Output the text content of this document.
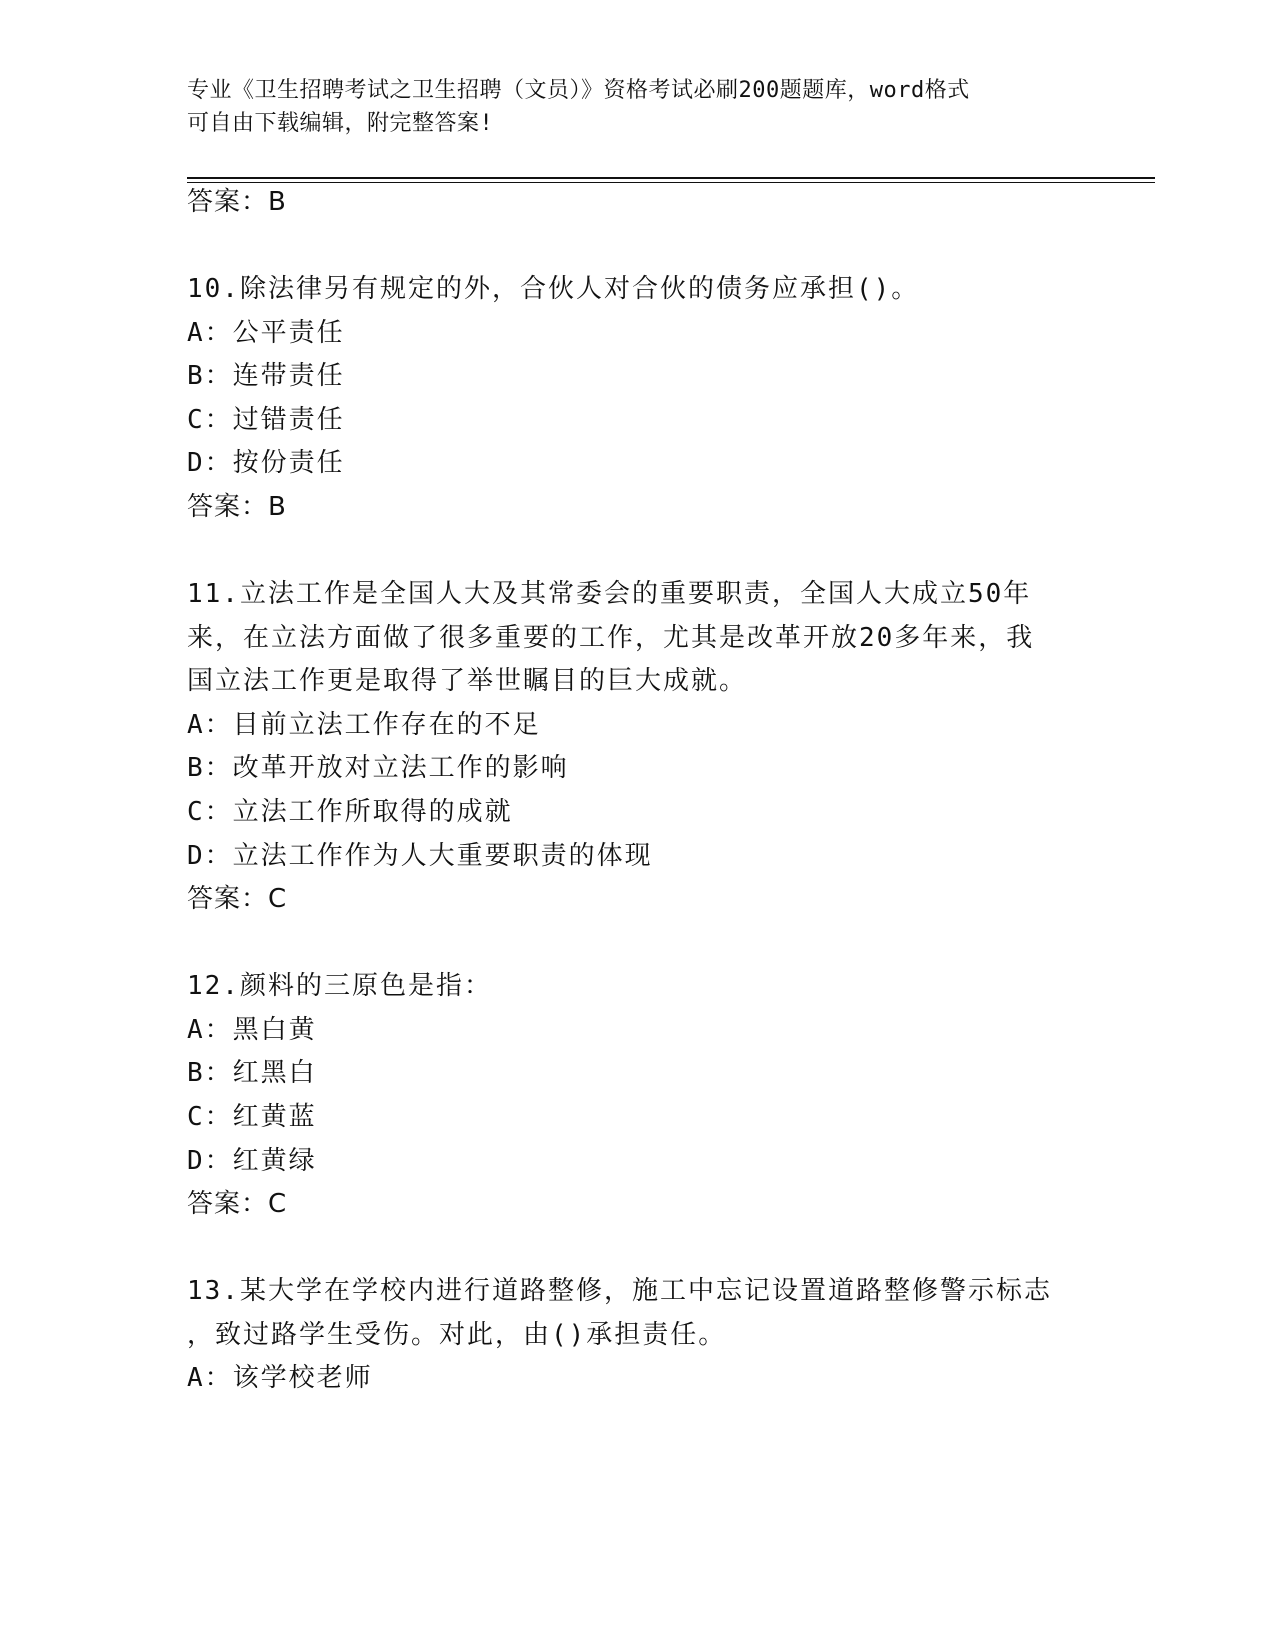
专业《卫生招聘考试之卫生招聘（文员）》资格考试必刷200题题库，word格式
可自由下载编辑，附完整答案!
答案：B
10.除法律另有规定的外，合伙人对合伙的债务应承担()。
A：公平责任
B：连带责任
C：过错责任
D：按份责任
答案：B
11.立法工作是全国人大及其常委会的重要职责，全国人大成立50年
来，在立法方面做了很多重要的工作，尤其是改革开放20多年来，我
国立法工作更是取得了举世瞩目的巨大成就。
A：目前立法工作存在的不足
B：改革开放对立法工作的影响
C：立法工作所取得的成就
D：立法工作作为人大重要职责的体现
答案：C
12.颜料的三原色是指：
A：黑白黄
B：红黑白
C：红黄蓝
D：红黄绿
答案：C
13.某大学在学校内进行道路整修，施工中忘记设置道路整修警示标志
，致过路学生受伤。对此，由()承担责任。
A：该学校老师
